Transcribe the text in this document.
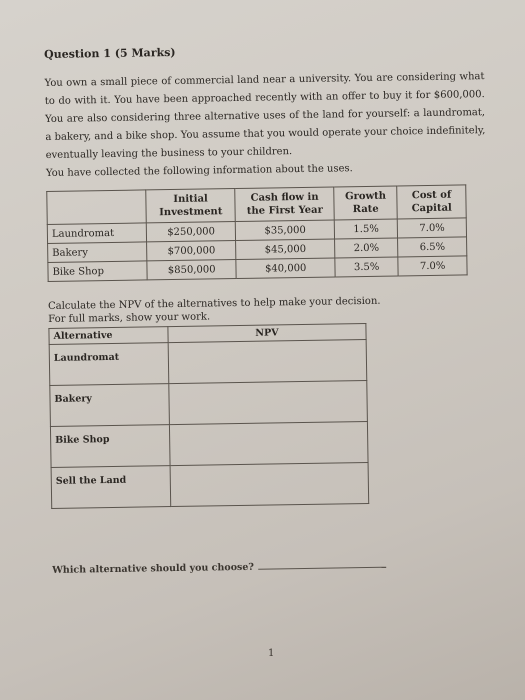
Question 1 (5 Marks)

You own a small piece of commercial land near a university. You are considering what to do with it. You have been approached recently with an offer to buy it for $600,000. You are also considering three alternative uses of the land for yourself: a laundromat, a bakery, and a bike shop. You assume that you would operate your choice indefinitely, eventually leaving the business to your children.

You have collected the following information about the uses.

	Initial Investment	Cash flow in the First Year	Growth Rate	Cost of Capital
Laundromat	$250,000	$35,000	1.5%	7.0%
Bakery	$700,000	$45,000	2.0%	6.5%
Bike Shop	$850,000	$40,000	3.5%	7.0%

Calculate the NPV of the alternatives to help make your decision.
For full marks, show your work.

Alternative	NPV
Laundromat	
Bakery	
Bike Shop	
Sell the Land	
Which alternative should you choose?
1
